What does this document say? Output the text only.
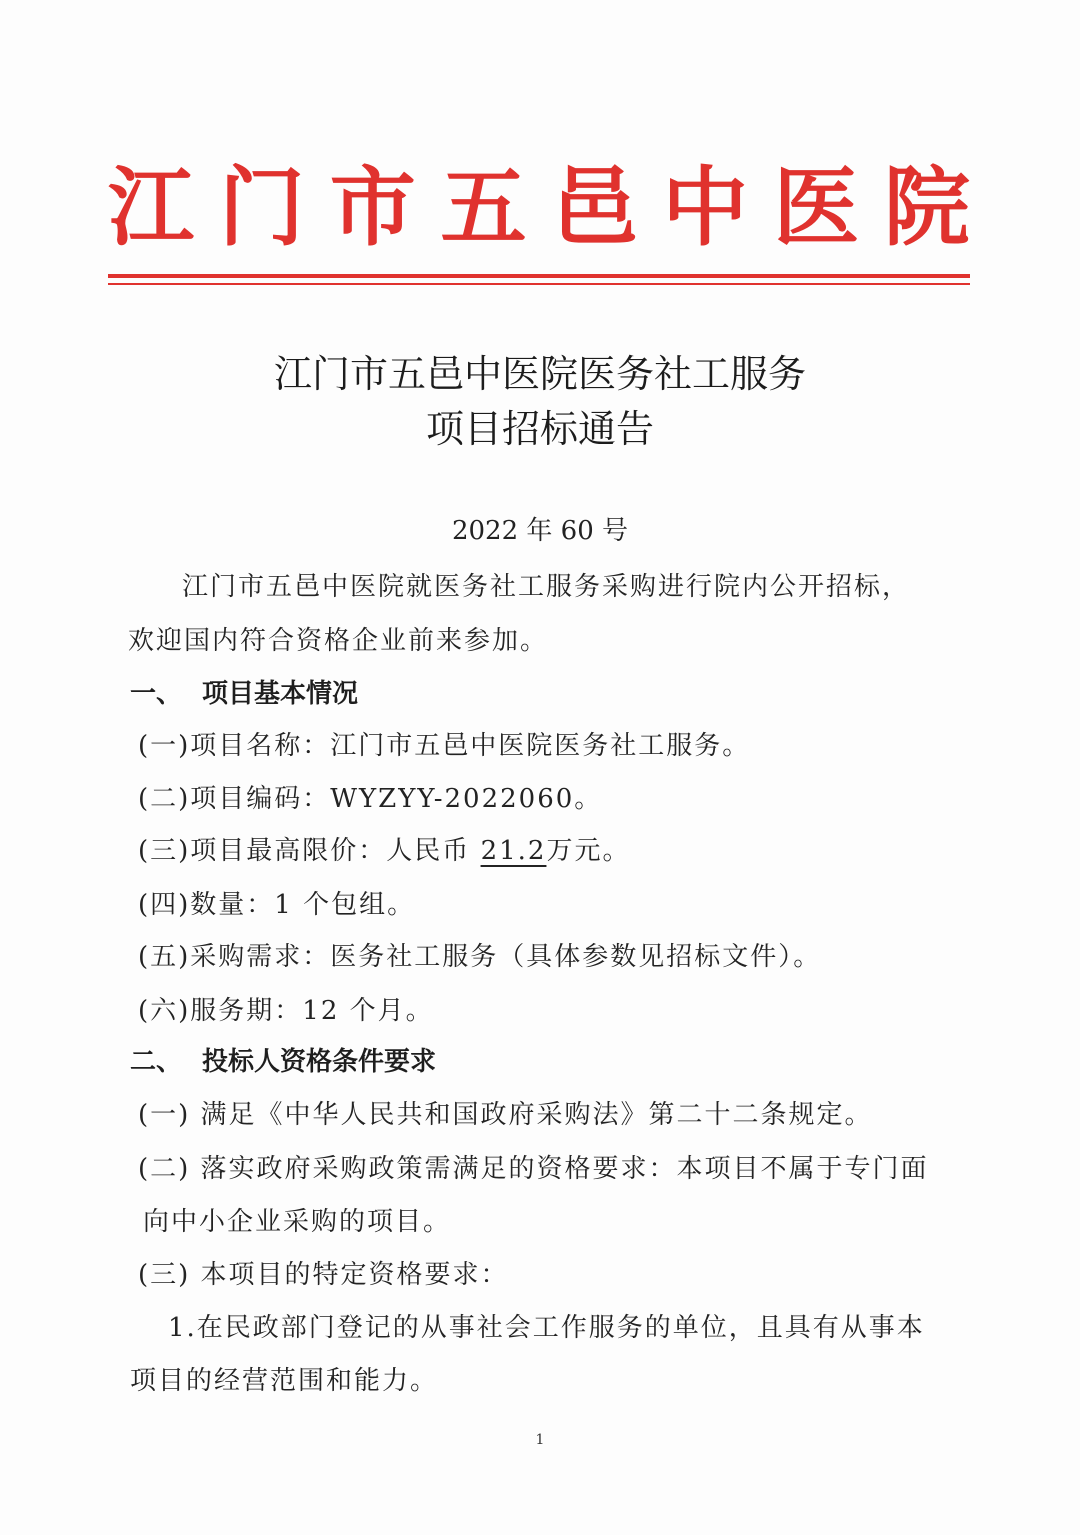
江 门 市 五 邑 中 医 院
江门市五邑中医院医务社工服务
项目招标通告
2022 年 60 号
江门市五邑中医院就医务社工服务采购进行院内公开招标，
欢迎国内符合资格企业前来参加。
一、 项目基本情况
(一)项目名称：江门市五邑中医院医务社工服务。
(二)项目编码：WYZYY-2022060。
(三)项目最高限价：人民币 21.2万元。
(四)数量：1 个包组。
(五)采购需求：医务社工服务（具体参数见招标文件）。
(六)服务期：12 个月。
二、 投标人资格条件要求
(一) 满足《中华人民共和国政府采购法》第二十二条规定。
(二) 落实政府采购政策需满足的资格要求：本项目不属于专门面
向中小企业采购的项目。
(三) 本项目的特定资格要求：
1.在民政部门登记的从事社会工作服务的单位，且具有从事本
项目的经营范围和能力。
1
